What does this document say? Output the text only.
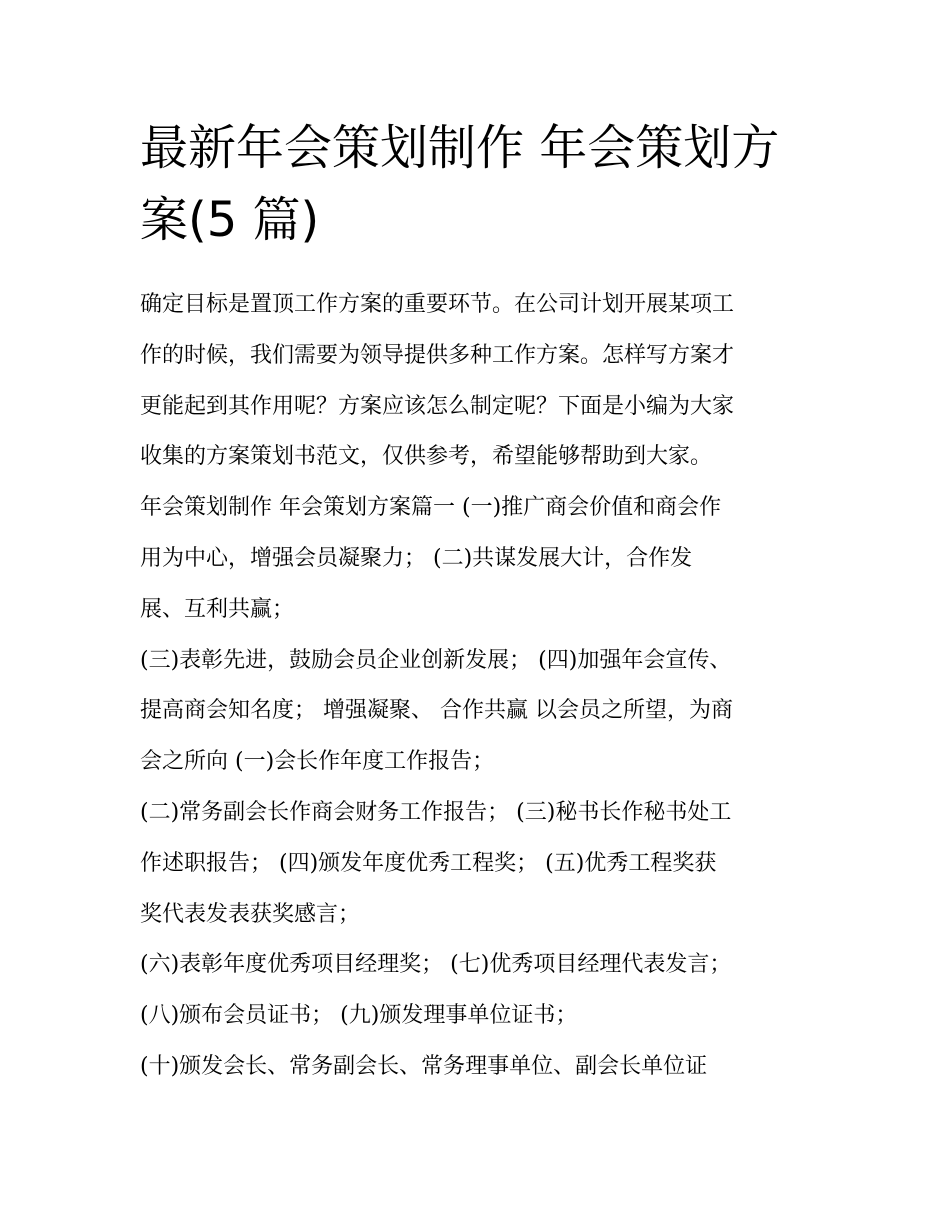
最新年会策划制作 年会策划方
案(5 篇)
确定目标是置顶工作方案的重要环节。在公司计划开展某项工
作的时候，我们需要为领导提供多种工作方案。怎样写方案才
更能起到其作用呢？方案应该怎么制定呢？下面是小编为大家
收集的方案策划书范文，仅供参考，希望能够帮助到大家。
年会策划制作 年会策划方案篇一 (一)推广商会价值和商会作
用为中心，增强会员凝聚力； (二)共谋发展大计，合作发
展、互利共赢；
(三)表彰先进，鼓励会员企业创新发展； (四)加强年会宣传、
提高商会知名度； 增强凝聚、 合作共赢 以会员之所望，为商
会之所向 (一)会长作年度工作报告；
(二)常务副会长作商会财务工作报告； (三)秘书长作秘书处工
作述职报告； (四)颁发年度优秀工程奖； (五)优秀工程奖获
奖代表发表获奖感言；
(六)表彰年度优秀项目经理奖； (七)优秀项目经理代表发言；
(八)颁布会员证书； (九)颁发理事单位证书；
(十)颁发会长、常务副会长、常务理事单位、副会长单位证
